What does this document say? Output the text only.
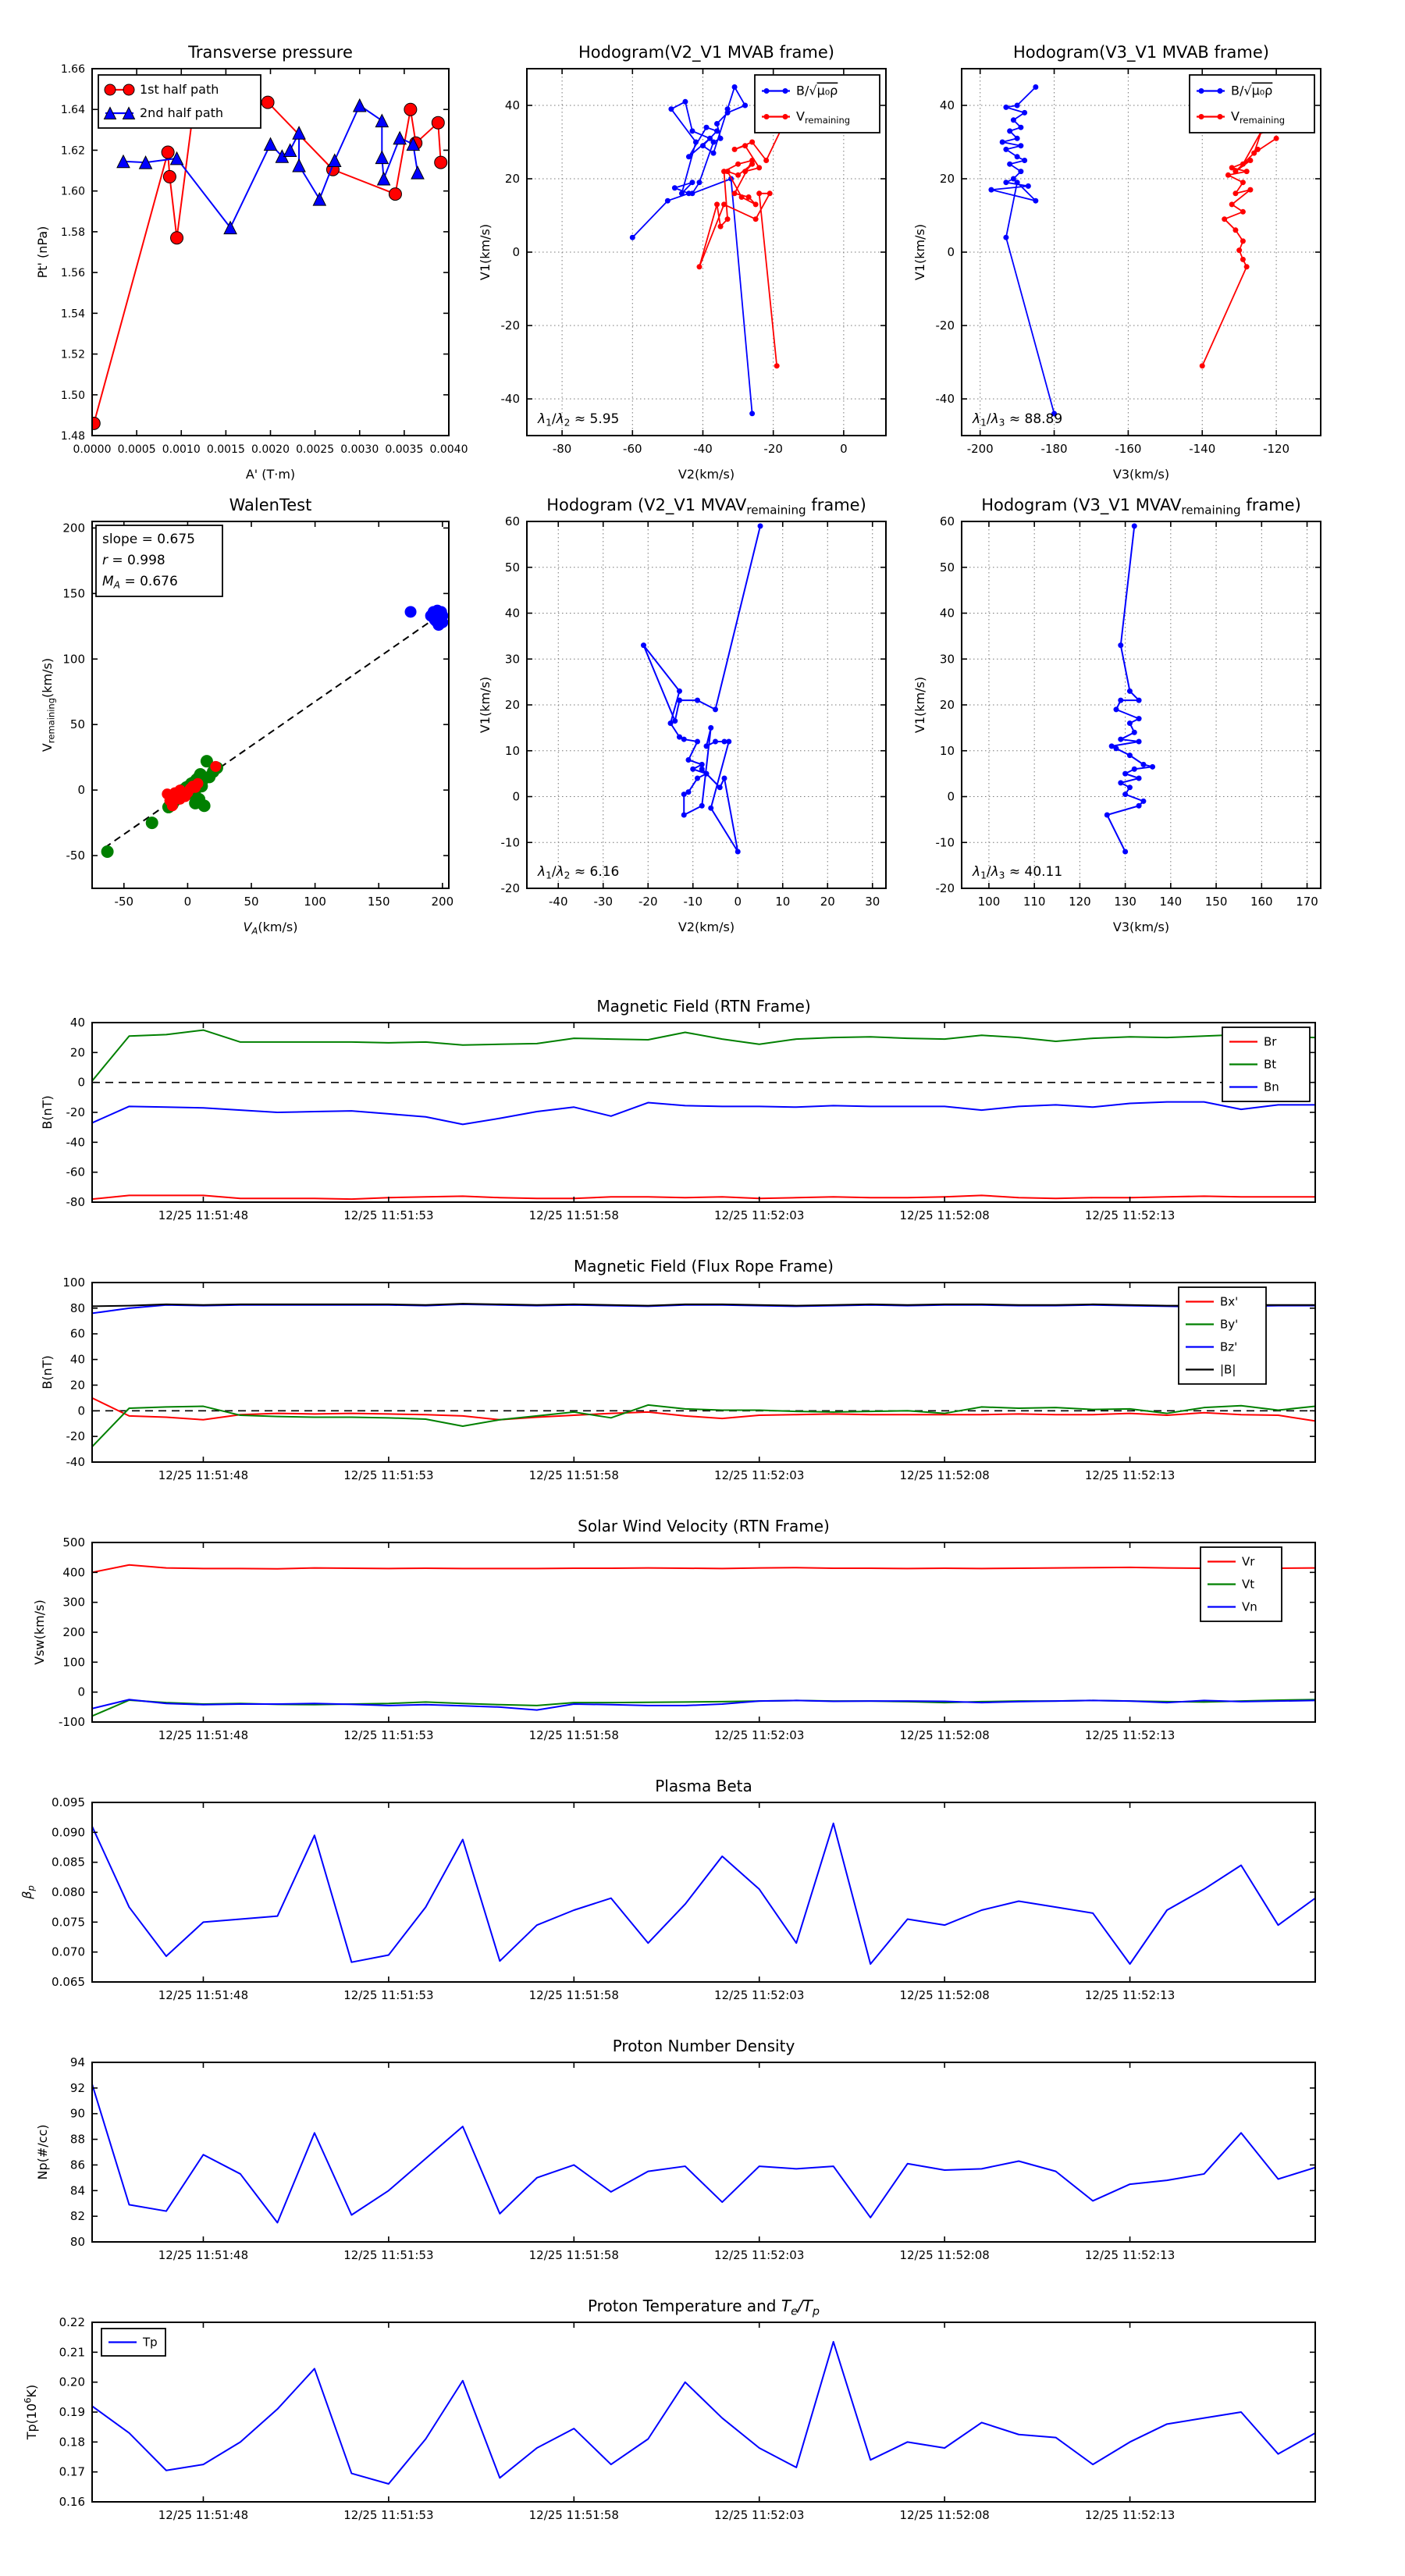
0.0000 0.0005 0.0010 0.0015 0.0020 0.0025 0.0030 0.0035 0.0040
1.48
1.50
1.52
1.54
1.56
1.58
1.60
1.62
1.64
1.66
Transverse pressure
A' (T·m)
Pt' (nPa)
1st half path
2nd half path
-80	-60	-40	-20	0
-40
-20
0
20
40
Hodogram(V2_V1 MVAB frame)
V2(km/s)
V1(km/s)
$\lambda_1/\lambda_2 \approx 5.95$
B/√μ₀ρ
$V_{remaining}$
-200	-180	-160	-140	-120
-40
-20
0
20
40
Hodogram(V3_V1 MVAB frame)
V3(km/s)
V1(km/s)
$\lambda_1/\lambda_3 \approx 88.89$
B/√μ₀ρ
$V_{remaining}$
-50	0	50	100	150	200
-50
0
50
100
150
200
WalenTest
$V_A(km/s)$
$V_{remaining}(km/s)$
slope = 0.675
r = 0.998
$M_A = 0.676$
-40 -30 -20 -10	0	10	20	30
-20
-10
0
10
20
30
40
50
60
Hodogram (V2_V1 $MVAV_{remaining}$ frame)
V2(km/s)
V1(km/s)
$\lambda_1/\lambda_2 \approx 6.16$
100 110 120 130 140 150 160 170
-20
-10
0
10
20
30
40
50
60
Hodogram (V3_V1 $MVAV_{remaining}$ frame)
V3(km/s)
V1(km/s)
$\lambda_1/\lambda_3 \approx 40.11$
12/25 11:51:48	12/25 11:51:53	12/25 11:51:58	12/25 11:52:03	12/25 11:52:08	12/25 11:52:13
-80
-60
-40
-20
0
20
40
Magnetic Field (RTN Frame)
B(nT)
Br
Bt
Bn
12/25 11:51:48	12/25 11:51:53	12/25 11:51:58	12/25 11:52:03	12/25 11:52:08	12/25 11:52:13
-40
-20
0
20
40
60
80
100
Magnetic Field (Flux Rope Frame)
B(nT)
Bx'
By'
Bz'
|B|
12/25 11:51:48	12/25 11:51:53	12/25 11:51:58	12/25 11:52:03	12/25 11:52:08	12/25 11:52:13
-100
0
100
200
300
400
500
Solar Wind Velocity (RTN Frame)
Vsw(km/s)
Vr
Vt
Vn
12/25 11:51:48	12/25 11:51:53	12/25 11:51:58	12/25 11:52:03	12/25 11:52:08	12/25 11:52:13
0.065
0.070
0.075
0.080
0.085
0.090
0.095
Plasma Beta
$\beta_p$
12/25 11:51:48	12/25 11:51:53	12/25 11:51:58	12/25 11:52:03	12/25 11:52:08	12/25 11:52:13
80
82
84
86
88
90
92
94
Proton Number Density
Np(#/cc)
12/25 11:51:48	12/25 11:51:53	12/25 11:51:58	12/25 11:52:03	12/25 11:52:08	12/25 11:52:13
0.16
0.17
0.18
0.19
0.20
0.21
0.22
Proton Temperature and $T_e/T_p$
$Tp(10^6K)$
Tp
